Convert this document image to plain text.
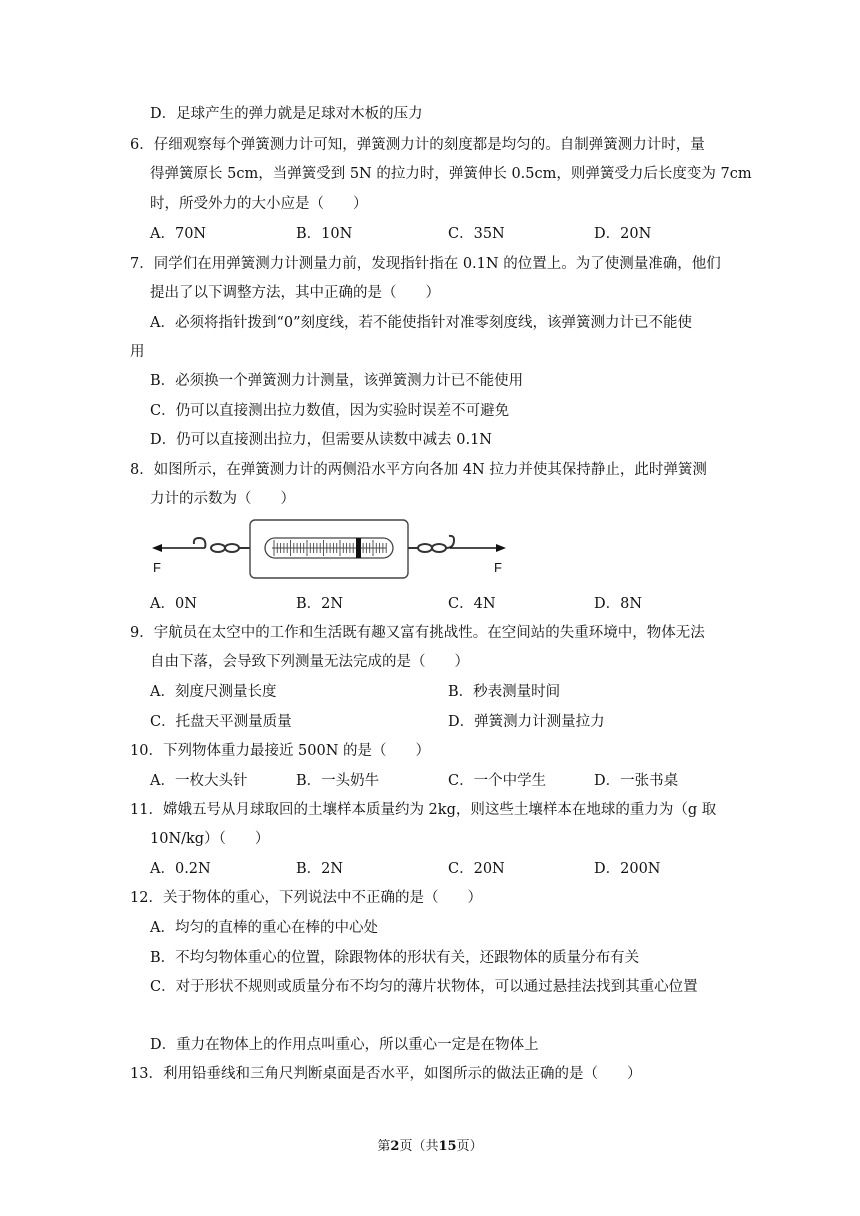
D．足球产生的弹力就是足球对木板的压力
6．仔细观察每个弹簧测力计可知，弹簧测力计的刻度都是均匀的。自制弹簧测力计时，量
得弹簧原长 5cm，当弹簧受到 5N 的拉力时，弹簧伸长 0.5cm，则弹簧受力后长度变为 7cm
时，所受外力的大小应是（　　）
A．70N	B．10N	C．35N	D．20N
7．同学们在用弹簧测力计测量力前，发现指针指在 0.1N 的位置上。为了使测量准确，他们
提出了以下调整方法，其中正确的是（　　）
A．必须将指针拨到“0”刻度线，若不能使指针对准零刻度线，该弹簧测力计已不能使
用
B．必须换一个弹簧测力计测量，该弹簧测力计已不能使用
C．仍可以直接测出拉力数值，因为实验时误差不可避免
D．仍可以直接测出拉力，但需要从读数中减去 0.1N
8．如图所示，在弹簧测力计的两侧沿水平方向各加 4N 拉力并使其保持静止，此时弹簧测
力计的示数为（　　）
F	F
A．0N	B．2N	C．4N	D．8N
9．宇航员在太空中的工作和生活既有趣又富有挑战性。在空间站的失重环境中，物体无法
自由下落，会导致下列测量无法完成的是（　　）
A．刻度尺测量长度	B．秒表测量时间
C．托盘天平测量质量	D．弹簧测力计测量拉力
10．下列物体重力最接近 500N 的是（　　）
A．一枚大头针	B．一头奶牛	C．一个中学生	D．一张书桌
11．嫦娥五号从月球取回的土壤样本质量约为 2kg，则这些土壤样本在地球的重力为（g 取
10N/kg）（　　）
A．0.2N	B．2N	C．20N	D．200N
12．关于物体的重心，下列说法中不正确的是（　　）
A．均匀的直棒的重心在棒的中心处
B．不均匀物体重心的位置，除跟物体的形状有关，还跟物体的质量分布有关
C．对于形状不规则或质量分布不均匀的薄片状物体，可以通过悬挂法找到其重心位置
D．重力在物体上的作用点叫重心，所以重心一定是在物体上
13．利用铅垂线和三角尺判断桌面是否水平，如图所示的做法正确的是（　　）
第2页（共15页）
